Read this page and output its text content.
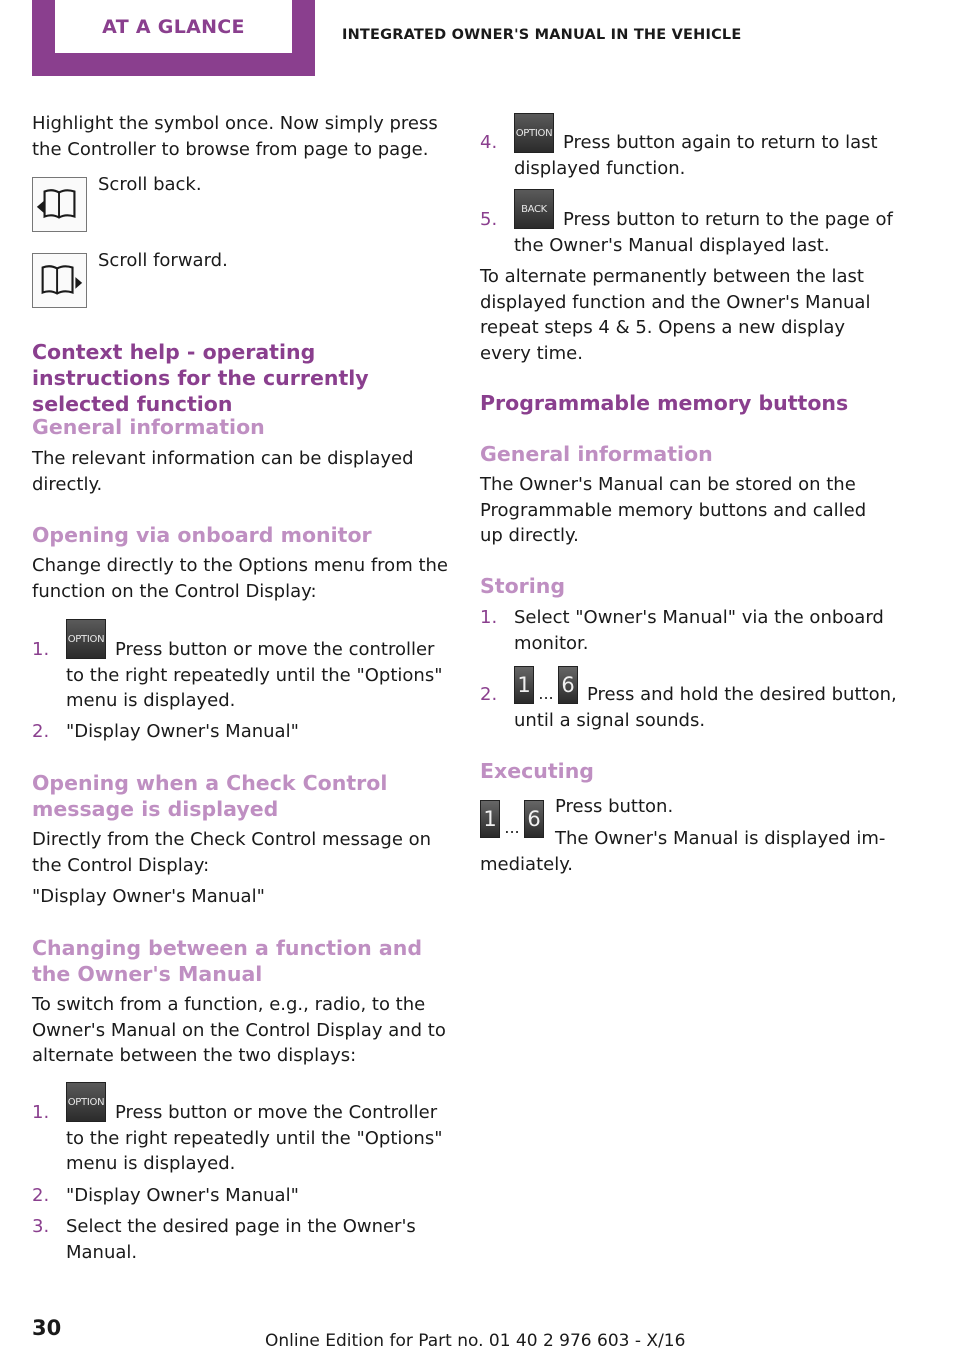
AT A GLANCE	INTEGRATED OWNER'S MANUAL IN THE VEHICLE
Highlight the symbol once. Now simply press the Controller to browse from page to page.
Scroll back.
Scroll forward.
Context help - operating instructions for the currently selected function
General information
The relevant information can be displayed directly.
Opening via onboard monitor
Change directly to the Options menu from the function on the Control Display:
1. OPTION Press button or move the controller to the right repeatedly until the "Options" menu is displayed.
2. "Display Owner's Manual"
Opening when a Check Control message is displayed
Directly from the Check Control message on the Control Display:
"Display Owner's Manual"
Changing between a function and the Owner's Manual
To switch from a function, e.g., radio, to the Owner's Manual on the Control Display and to alternate between the two displays:
1. OPTION Press button or move the Controller to the right repeatedly until the "Options" menu is displayed.
2. "Display Owner's Manual"
3. Select the desired page in the Owner's Manual.
4. OPTION Press button again to return to last displayed function.
5.	BACK Press button to return to the page of the Owner's Manual displayed last.
To alternate permanently between the last displayed function and the Owner's Manual repeat steps 4 & 5. Opens a new display every time.
Programmable memory buttons
General information
The Owner's Manual can be stored on the Programmable memory buttons and called up directly.
Storing
1. Select "Owner's Manual" via the onboard monitor.
2. 1 ... 6 Press and hold the desired button, until a signal sounds.
Executing
1 ... 6
Press button.
The Owner's Manual is displayed immediately.
30
Online Edition for Part no. 01 40 2 976 603 - X/16
